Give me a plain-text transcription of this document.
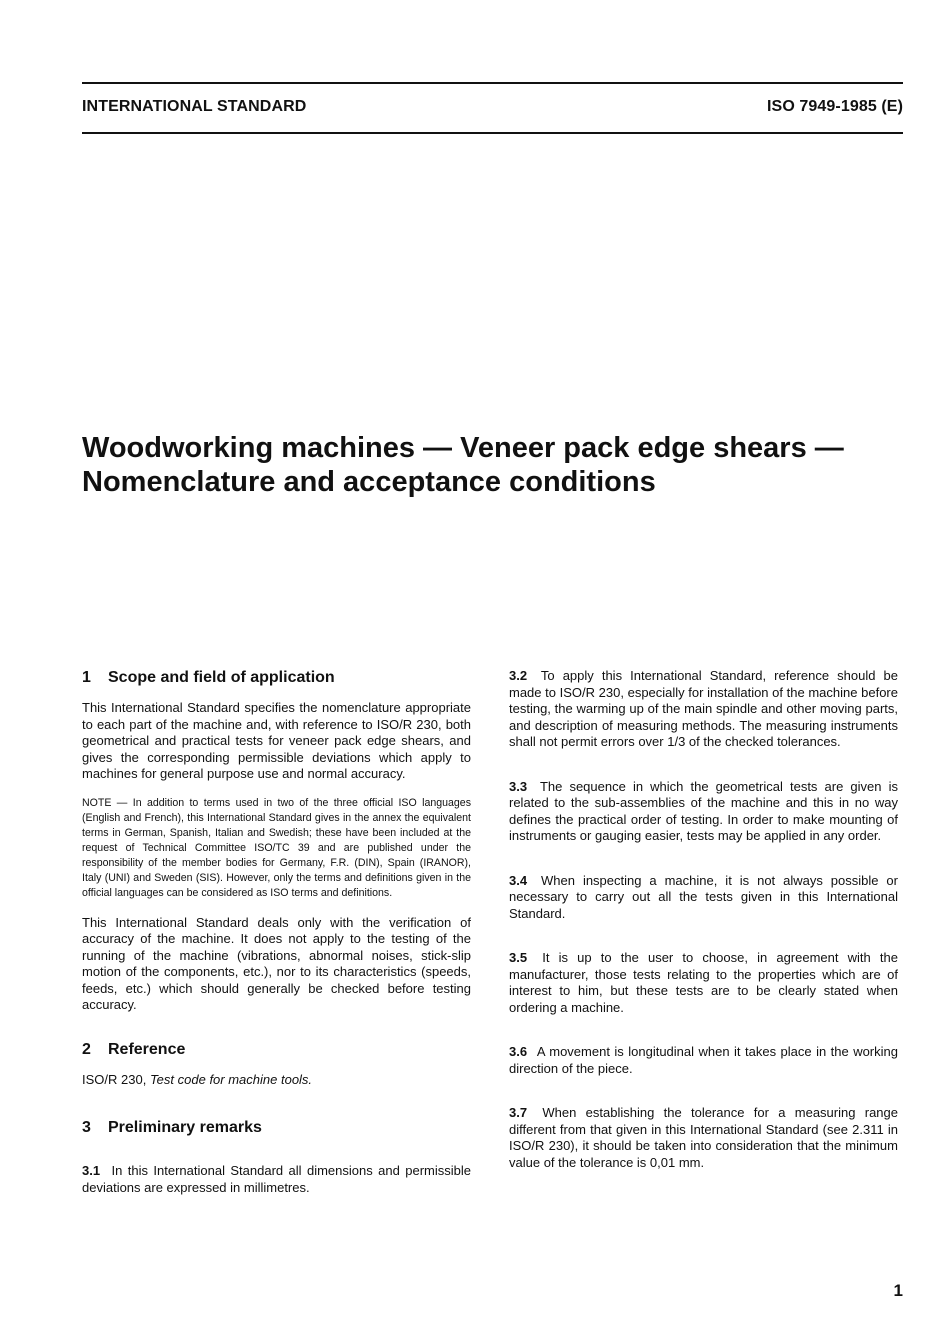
INTERNATIONAL STANDARD	ISO 7949-1985 (E)
Woodworking machines — Veneer pack edge shears —
Nomenclature and acceptance conditions
1	Scope and field of application

This International Standard specifies the nomenclature appropriate to each part of the machine and, with reference to ISO/R 230, both geometrical and practical tests for veneer pack edge shears, and gives the corresponding permissible deviations which apply to machines for general purpose use and normal accuracy.

NOTE — In addition to terms used in two of the three official ISO languages (English and French), this International Standard gives in the annex the equivalent terms in German, Spanish, Italian and Swedish; these have been included at the request of Technical Committee ISO/TC 39 and are published under the responsibility of the member bodies for Germany, F.R. (DIN), Spain (IRANOR), Italy (UNI) and Sweden (SIS). However, only the terms and definitions given in the official languages can be considered as ISO terms and definitions.

This International Standard deals only with the verification of accuracy of the machine. It does not apply to the testing of the running of the machine (vibrations, abnormal noises, stick-slip motion of the components, etc.), nor to its characteristics (speeds, feeds, etc.) which should generally be checked before testing accuracy.

2	Reference

ISO/R 230, Test code for machine tools.

3	Preliminary remarks

3.1 In this International Standard all dimensions and permissible deviations are expressed in millimetres.

3.2 To apply this International Standard, reference should be made to ISO/R 230, especially for installation of the machine before testing, the warming up of the main spindle and other moving parts, and description of measuring methods. The measuring instruments shall not permit errors over 1/3 of the checked tolerances.

3.3 The sequence in which the geometrical tests are given is related to the sub-assemblies of the machine and this in no way defines the practical order of testing. In order to make mounting of instruments or gauging easier, tests may be applied in any order.

3.4 When inspecting a machine, it is not always possible or necessary to carry out all the tests given in this International Standard.

3.5 It is up to the user to choose, in agreement with the manufacturer, those tests relating to the properties which are of interest to him, but these tests are to be clearly stated when ordering a machine.

3.6 A movement is longitudinal when it takes place in the working direction of the piece.

3.7 When establishing the tolerance for a measuring range different from that given in this International Standard (see 2.311 in ISO/R 230), it should be taken into consideration that the minimum value of the tolerance is 0,01 mm.

1
